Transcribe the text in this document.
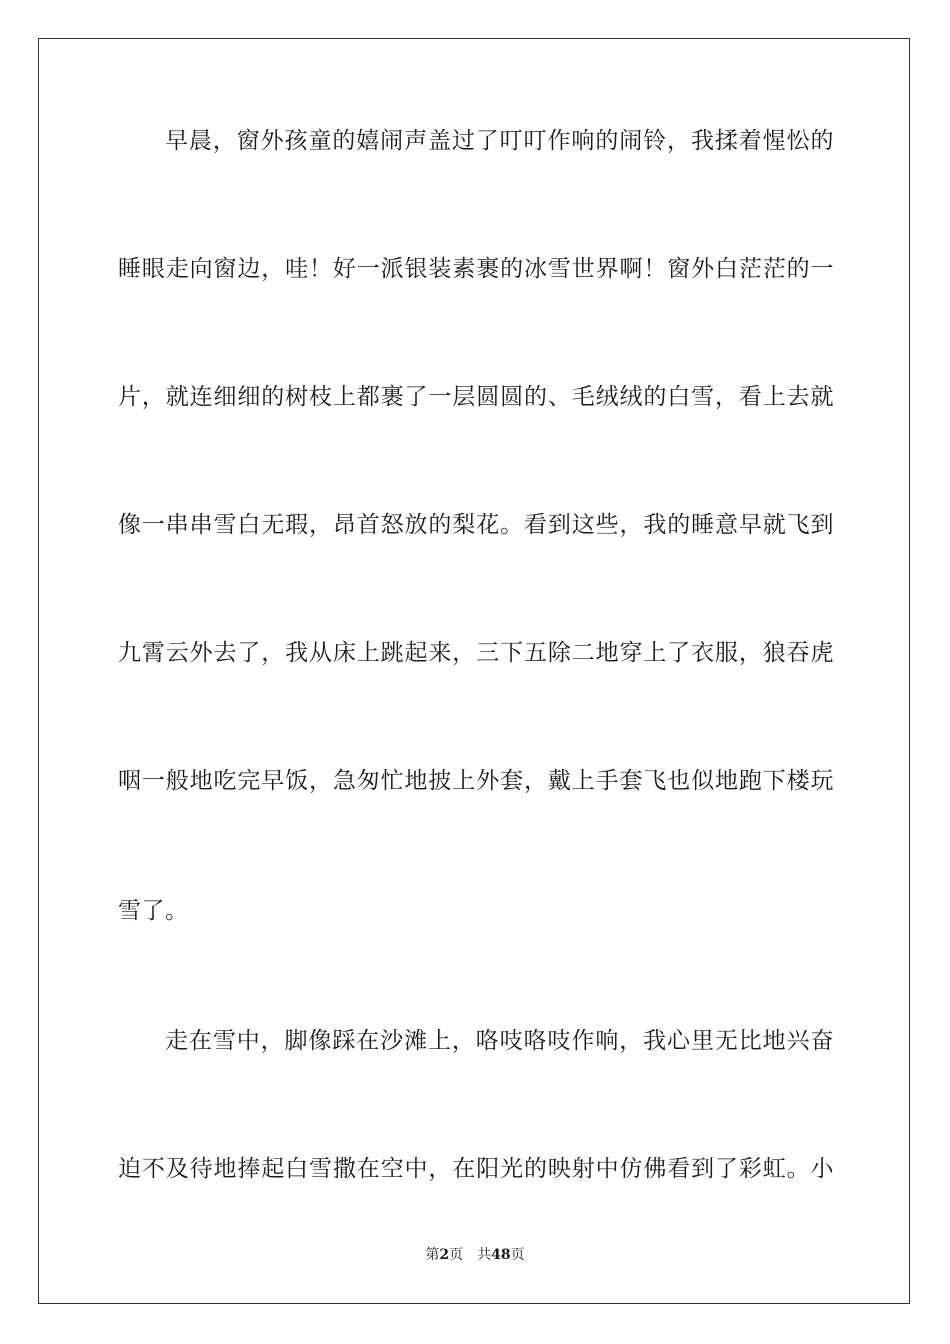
早晨，窗外孩童的嬉闹声盖过了叮叮作响的闹铃，我揉着惺忪的
睡眼走向窗边，哇！好一派银装素裹的冰雪世界啊！窗外白茫茫的一
片，就连细细的树枝上都裹了一层圆圆的、毛绒绒的白雪，看上去就
像一串串雪白无瑕，昂首怒放的梨花。看到这些，我的睡意早就飞到
九霄云外去了，我从床上跳起来，三下五除二地穿上了衣服，狼吞虎
咽一般地吃完早饭，急匆忙地披上外套，戴上手套飞也似地跑下楼玩
雪了。
走在雪中，脚像踩在沙滩上，咯吱咯吱作响，我心里无比地兴奋
迫不及待地捧起白雪撒在空中，在阳光的映射中仿佛看到了彩虹。小
第2页 共48页
